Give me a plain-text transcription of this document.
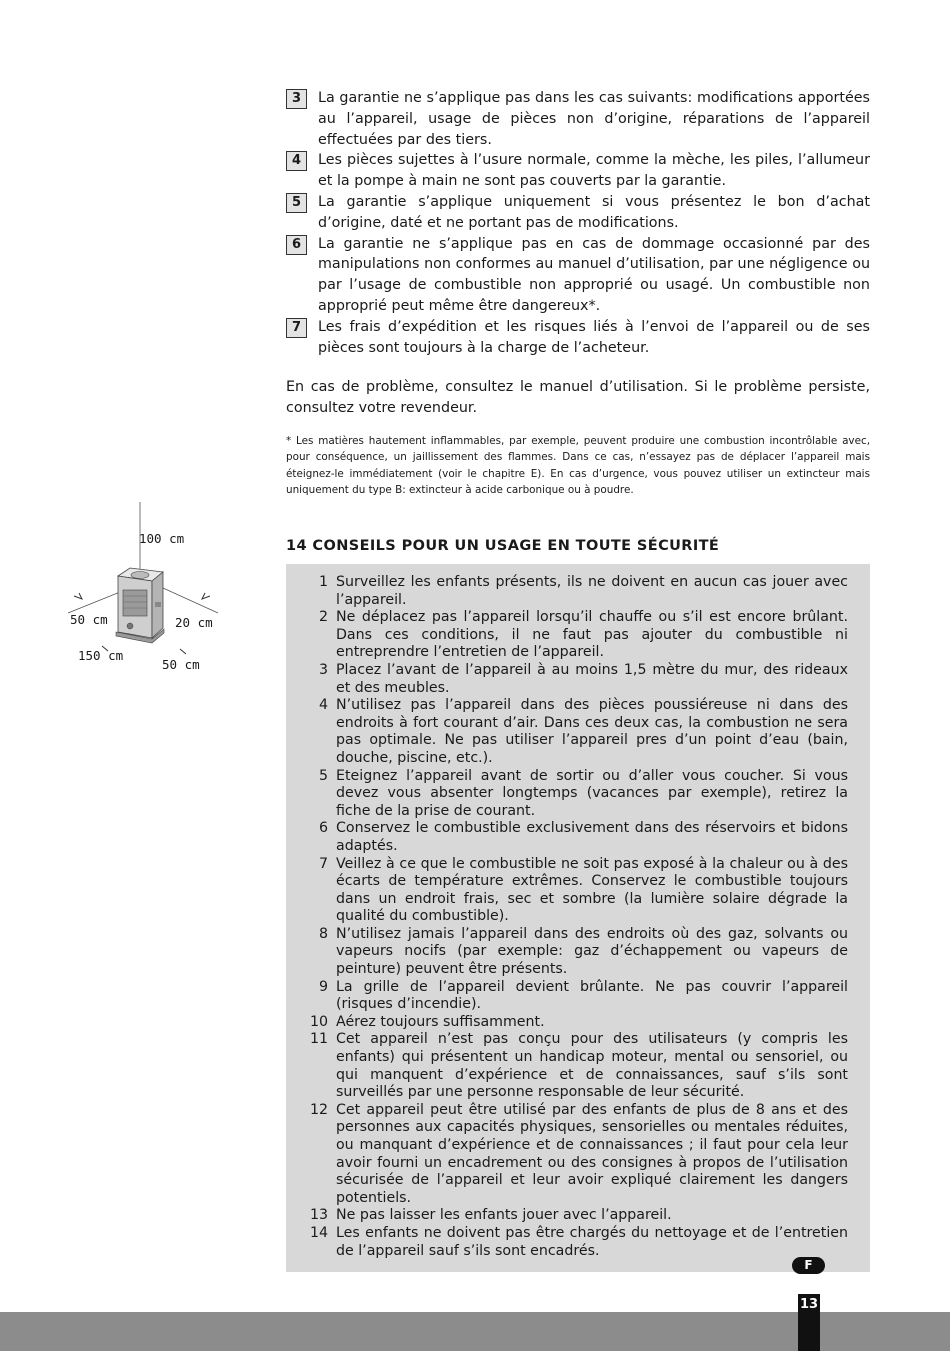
3	La garantie ne s’applique pas dans les cas suivants: modifications apportées au l’appareil, usage de pièces non d’origine, réparations de l’appareil effectuées par des tiers.
4	Les pièces sujettes à l’usure normale, comme la mèche, les piles, l’allumeur et la pompe à main ne sont pas couverts par la garantie.
5	La garantie s’applique uniquement si vous présentez le bon d’achat d’origine, daté et ne portant pas de modifications.
6	La garantie ne s’applique pas en cas de dommage occasionné par des manipulations non conformes au manuel d’utilisation, par une négligence ou par l’usage de combustible non approprié ou usagé. Un combustible non approprié peut même être dangereux*.
7	Les frais d’expédition et les risques liés à l’envoi de l’appareil ou de ses pièces sont toujours à la charge de l’acheteur.
En cas de problème, consultez le manuel d’utilisation. Si le problème persiste, consultez votre revendeur.
* Les matières hautement inflammables, par exemple, peuvent produire une combustion incontrôlable avec, pour conséquence, un jaillissement des flammes. Dans ce cas, n’essayez pas de déplacer l’appareil mais éteignez-le immédiatement (voir le chapitre E). En cas d’urgence, vous pouvez utiliser un extincteur mais uniquement du type B: extincteur à acide carbonique ou à poudre.
100 cm
50 cm	20 cm
150 cm
50 cm
14 CONSEILS POUR UN USAGE EN TOUTE SÉCURITÉ
1 Surveillez les enfants présents, ils ne doivent en aucun cas jouer avec l’appareil.
2 Ne déplacez pas l’appareil lorsqu’il chauffe ou s’il est encore brûlant. Dans ces conditions, il ne faut pas ajouter du combustible ni entreprendre l’entretien de l’appareil.
3 Placez l’avant de l’appareil à au moins 1,5 mètre du mur, des rideaux et des meubles.
4 N’utilisez pas l’appareil dans des pièces poussiéreuse ni dans des endroits à fort courant d’air. Dans ces deux cas, la combustion ne sera pas optimale. Ne pas utiliser l’appareil pres d’un point d’eau (bain, douche, piscine, etc.).
5 Eteignez l’appareil avant de sortir ou d’aller vous coucher. Si vous devez vous absenter longtemps (vacances par exemple), retirez la fiche de la prise de courant.
6 Conservez le combustible exclusivement dans des réservoirs et bidons adaptés.
7 Veillez à ce que le combustible ne soit pas exposé à la chaleur ou à des écarts de température extrêmes. Conservez le combustible toujours dans un endroit frais, sec et sombre (la lumière solaire dégrade la qualité du combustible).
8 N’utilisez jamais l’appareil dans des endroits où des gaz, solvants ou vapeurs nocifs (par exemple: gaz d’échappement ou vapeurs de peinture) peuvent être présents.
9 La grille de l’appareil devient brûlante. Ne pas couvrir l’appareil (risques d’incendie).
10 Aérez toujours suffisamment.
11 Cet appareil n’est pas conçu pour des utilisateurs (y compris les enfants) qui présentent un handicap moteur, mental ou sensoriel, ou qui manquent d’expérience et de connaissances, sauf s’ils sont surveillés par une personne responsable de leur sécurité.
12 Cet appareil peut être utilisé par des enfants de plus de 8 ans et des personnes aux capacités physiques, sensorielles ou mentales réduites, ou manquant d’expérience et de connaissances ; il faut pour cela leur avoir fourni un encadrement ou des consignes à propos de l’utilisation sécurisée de l’appareil et leur avoir expliqué clairement les dangers potentiels.
13 Ne pas laisser les enfants jouer avec l’appareil.
14 Les enfants ne doivent pas être chargés du nettoyage et de l’entretien de l’appareil sauf s’ils sont encadrés.
F
13
